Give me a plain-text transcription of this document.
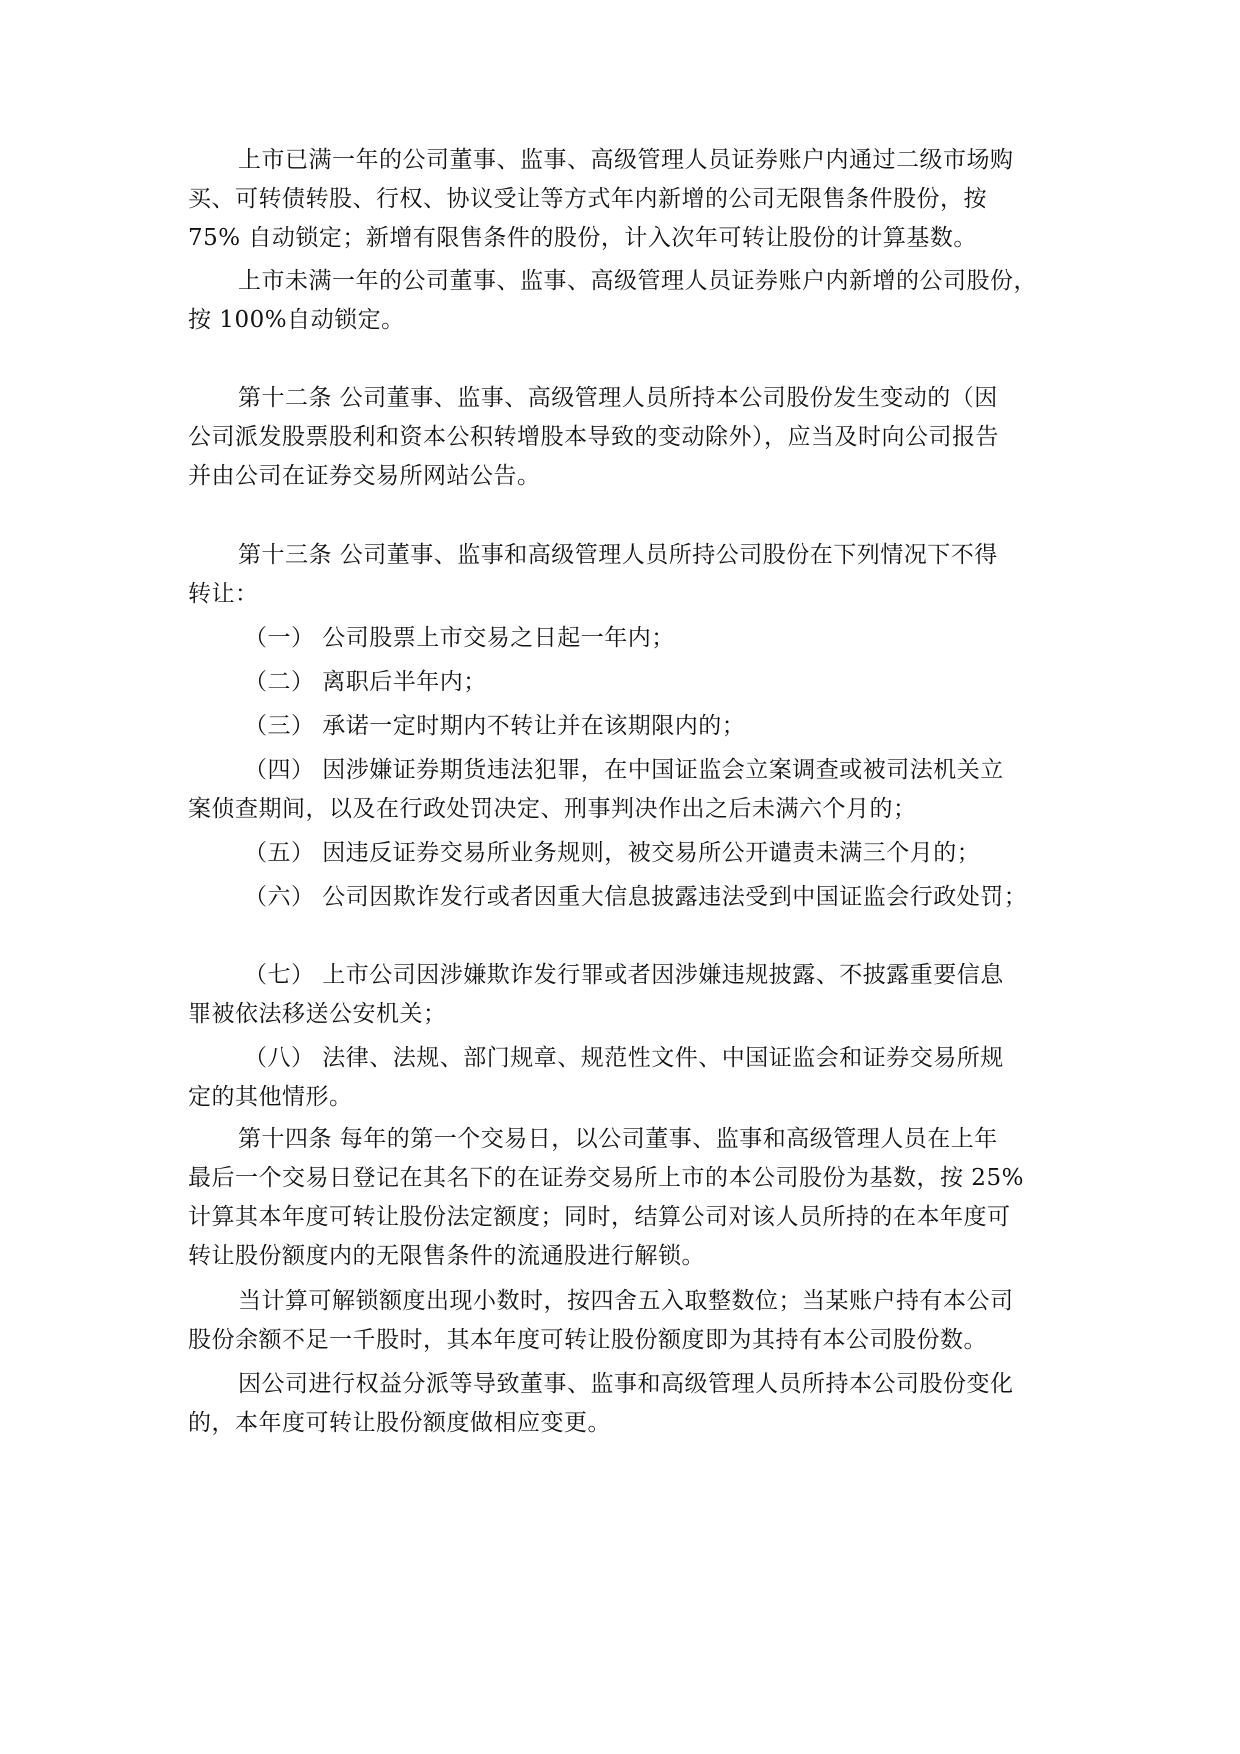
上市已满一年的公司董事、监事、高级管理人员证券账户内通过二级市场购
买、可转债转股、行权、协议受让等方式年内新增的公司无限售条件股份，按
75% 自动锁定；新增有限售条件的股份，计入次年可转让股份的计算基数。
上市未满一年的公司董事、监事、高级管理人员证券账户内新增的公司股份，
按 100%自动锁定。
第十二条 公司董事、监事、高级管理人员所持本公司股份发生变动的（因
公司派发股票股利和资本公积转增股本导致的变动除外），应当及时向公司报告
并由公司在证券交易所网站公告。
第十三条 公司董事、监事和高级管理人员所持公司股份在下列情况下不得
转让：
（一） 公司股票上市交易之日起一年内；
（二） 离职后半年内；
（三） 承诺一定时期内不转让并在该期限内的；
（四） 因涉嫌证券期货违法犯罪，在中国证监会立案调查或被司法机关立
案侦查期间，以及在行政处罚决定、刑事判决作出之后未满六个月的；
（五） 因违反证券交易所业务规则，被交易所公开谴责未满三个月的；
（六） 公司因欺诈发行或者因重大信息披露违法受到中国证监会行政处罚；
（七） 上市公司因涉嫌欺诈发行罪或者因涉嫌违规披露、不披露重要信息
罪被依法移送公安机关；
（八） 法律、法规、部门规章、规范性文件、中国证监会和证券交易所规
定的其他情形。
第十四条 每年的第一个交易日，以公司董事、监事和高级管理人员在上年
最后一个交易日登记在其名下的在证券交易所上市的本公司股份为基数，按 25%
计算其本年度可转让股份法定额度；同时，结算公司对该人员所持的在本年度可
转让股份额度内的无限售条件的流通股进行解锁。
当计算可解锁额度出现小数时，按四舍五入取整数位；当某账户持有本公司
股份余额不足一千股时，其本年度可转让股份额度即为其持有本公司股份数。
因公司进行权益分派等导致董事、监事和高级管理人员所持本公司股份变化
的，本年度可转让股份额度做相应变更。
